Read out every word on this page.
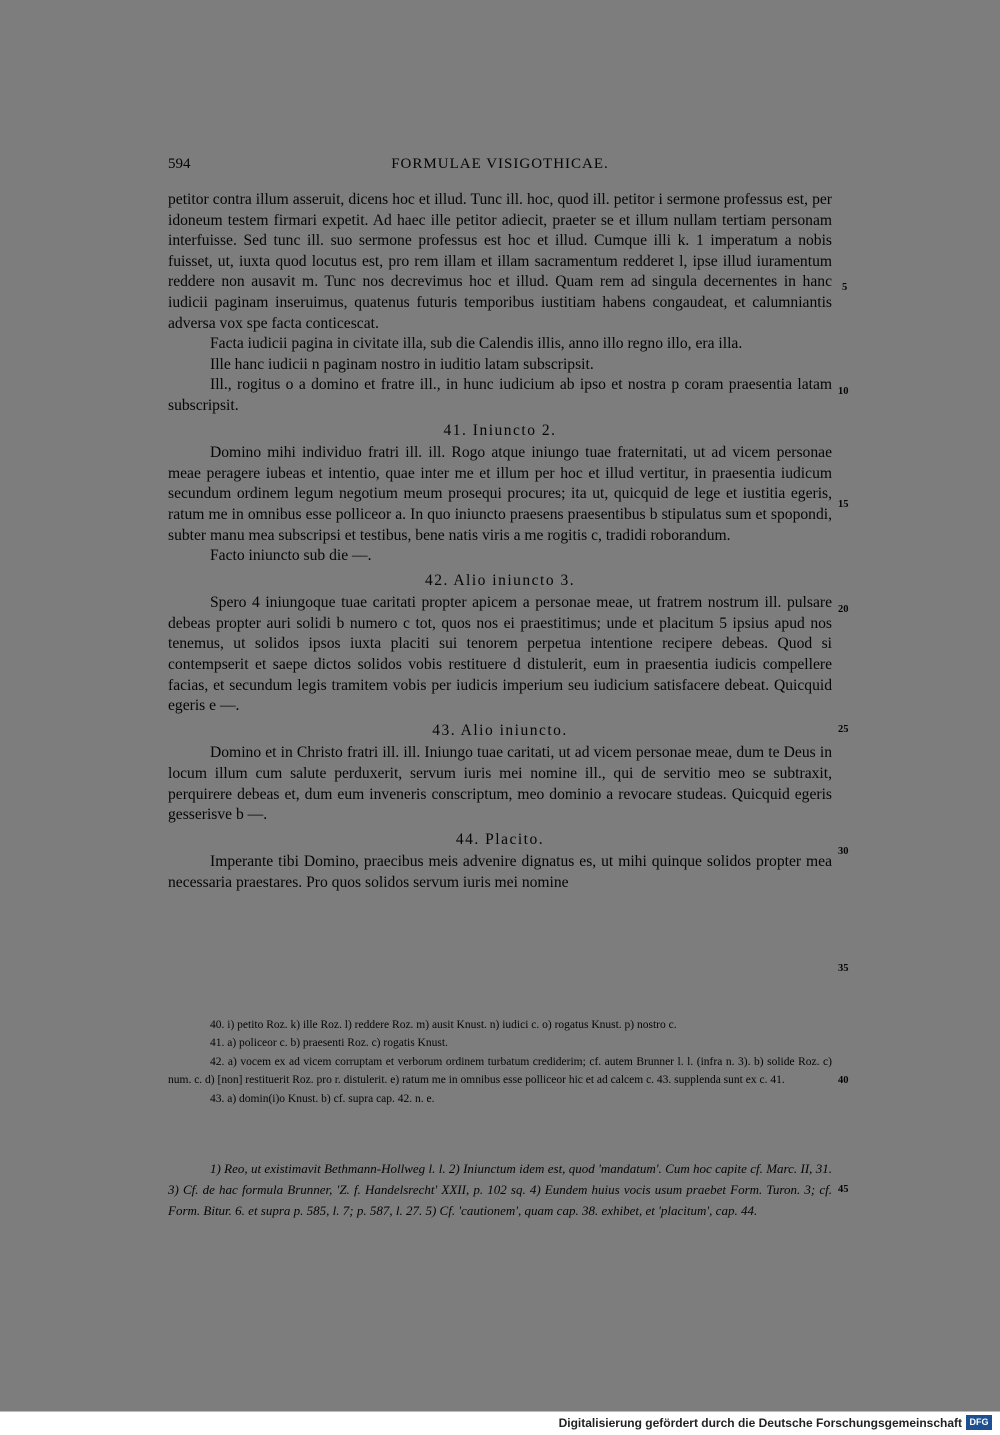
594	FORMULAE VISIGOTHICAE.

petitor contra illum asseruit, dicens hoc et illud. Tunc ill. hoc, quod ill. petitor i sermone professus est, per idoneum testem firmari expetit. Ad haec ille petitor adiecit, praeter se et illum nullam tertiam personam interfuisse. Sed tunc ill. suo sermone professus est hoc et illud. Cumque illi k. 1 imperatum a nobis fuisset, ut, iuxta quod locutus est, pro rem illam et illam sacramentum redderet l, ipse illud iuramentum reddere non ausavit m. Tunc nos decrevimus hoc et illud. Quam rem ad singula decernentes in hanc iudicii paginam inseruimus, quatenus futuris temporibus iustitiam habens congaudeat, et calumniantis adversa vox spe facta conticescat.

Facta iudicii pagina in civitate illa, sub die Calendis illis, anno illo regno illo, era illa.

Ille hanc iudicii n paginam nostro in iuditio latam subscripsit.

Ill., rogitus o a domino et fratre ill., in hunc iudicium ab ipso et nostra p coram praesentia latam subscripsit.

41. Iniuncto 2.

Domino mihi individuo fratri ill. ill. Rogo atque iniungo tuae fraternitati, ut ad vicem personae meae peragere iubeas et intentio, quae inter me et illum per hoc et illud vertitur, in praesentia iudicum secundum ordinem legum negotium meum prosequi procures; ita ut, quicquid de lege et iustitia egeris, ratum me in omnibus esse polliceor a. In quo iniuncto praesens praesentibus b stipulatus sum et spopondi, subter manu mea subscripsi et testibus, bene natis viris a me rogitis c, tradidi roborandum.

Facto iniuncto sub die —.

42. Alio iniuncto 3.

Spero 4 iniungoque tuae caritati propter apicem a personae meae, ut fratrem nostrum ill. pulsare debeas propter auri solidi b numero c tot, quos nos ei praestitimus; unde et placitum 5 ipsius apud nos tenemus, ut solidos ipsos iuxta placiti sui tenorem perpetua intentione recipere debeas. Quod si contempserit et saepe dictos solidos vobis restituere d distulerit, eum in praesentia iudicis compellere facias, et secundum legis tramitem vobis per iudicis imperium seu iudicium satisfacere debeat. Quicquid egeris e —.

43. Alio iniuncto.

Domino et in Christo fratri ill. ill. Iniungo tuae caritati, ut ad vicem personae meae, dum te Deus in locum illum cum salute perduxerit, servum iuris mei nomine ill., qui de servitio meo se subtraxit, perquirere debeas et, dum eum inveneris conscriptum, meo dominio a revocare studeas. Quicquid egeris gesserisve b —.

44. Placito.

Imperante tibi Domino, praecibus meis advenire dignatus es, ut mihi quinque solidos propter mea necessaria praestares. Pro quos solidos servum iuris mei nomine

5
10
15
20
25
30
35
40
45

40. i) petito Roz. k) ille Roz. l) reddere Roz. m) ausit Knust. n) iudici c. o) rogatus Knust. p) nostro c.

41. a) policeor c. b) praesenti Roz. c) rogatis Knust.

42. a) vocem ex ad vicem corruptam et verborum ordinem turbatum crediderim; cf. autem Brunner l. l. (infra n. 3). b) solide Roz. c) num. c. d) [non] restituerit Roz. pro r. distulerit. e) ratum me in omnibus esse polliceor hic et ad calcem c. 43. supplenda sunt ex c. 41.

43. a) domin(i)o Knust. b) cf. supra cap. 42. n. e.

1) Reo, ut existimavit Bethmann-Hollweg l. l. 2) Iniunctum idem est, quod 'mandatum'. Cum hoc capite cf. Marc. II, 31. 3) Cf. de hac formula Brunner, 'Z. f. Handelsrecht' XXII, p. 102 sq. 4) Eundem huius vocis usum praebet Form. Turon. 3; cf. Form. Bitur. 6. et supra p. 585, l. 7; p. 587, l. 27. 5) Cf. 'cautionem', quam cap. 38. exhibet, et 'placitum', cap. 44.

Digitalisierung gefördert durch die Deutsche Forschungsgemeinschaft DFG
